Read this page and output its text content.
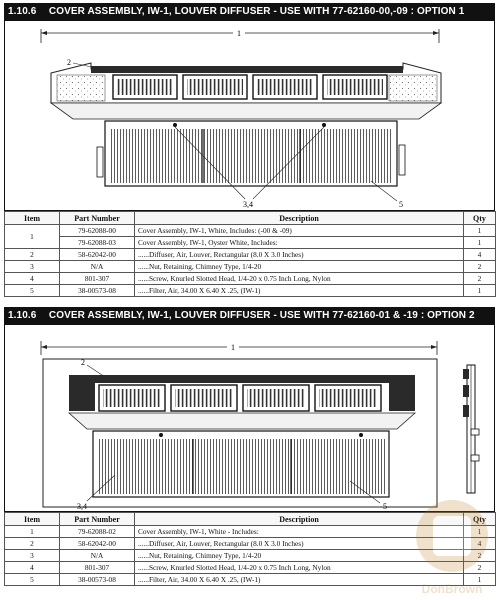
1.10.6 COVER ASSEMBLY, IW-1, LOUVER DIFFUSER - USE WITH 77-62160-00,-09 : OPTION 1
1
2
3,4	5
Item	Part Number	Description	Qty
1	79-62088-00	Cover Assembly, IW-1, White, Includes: (-00 & -09)	1
	79-62088-03	Cover Assembly, IW-1, Oyster White, Includes:	1
2	58-62042-00	......Diffuser, Air, Louver, Rectangular (8.0 X 3.0 Inches)	4
3	N/A	......Nut, Retaining, Chimney Type, 1/4-20	2
4	801-307	......Screw, Knurled Slotted Head, 1/4-20 x 0.75 Inch Long, Nylon	2
5	38-00573-08	......Filter, Air, 34.00 X 6.40 X .25, (IW-1)	1
1.10.6 COVER ASSEMBLY, IW-1, LOUVER DIFFUSER - USE WITH 77-62160-01 & -19 : OPTION 2
1
2
3,4	5
Item	Part Number	Description	Qty
1	79-62088-02	Cover Assembly, IW-1, White - Includes:	1
2	58-62042-00	......Diffuser, Air, Louver, Rectangular (8.0 X 3.0 Inches)	4
3	N/A	......Nut, Retaining, Chimney Type, 1/4-20	2
4	801-307	......Screw, Knurled Slotted Head, 1/4-20 x 0.75 Inch Long, Nylon	2
5	38-00573-08	......Filter, Air, 34.00 X 6.40 X .25, (IW-1)	1
DonBrown
